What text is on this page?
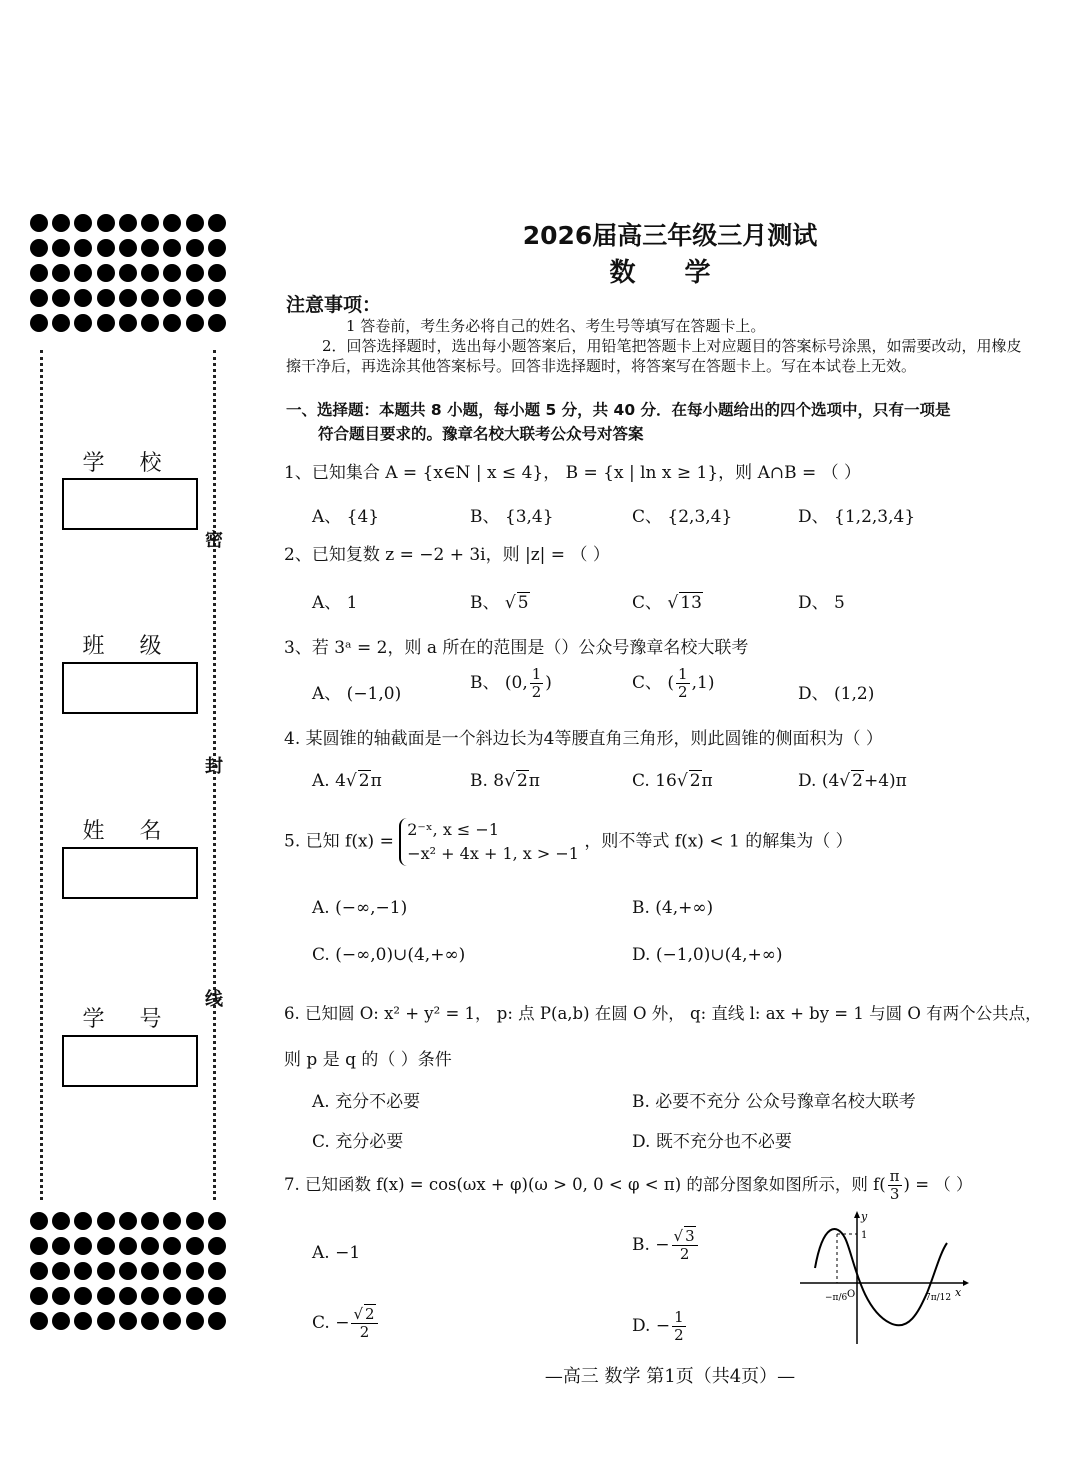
学 校
班 级
姓 名
学 号
密
封
线
2026届高三年级三月测试
数 学
注意事项：
1 答卷前，考生务必将自己的姓名、考生号等填写在答题卡上。
2．回答选择题时，选出每小题答案后，用铅笔把答题卡上对应题目的答案标号涂黑，如需要改动，用橡皮擦干净后，再选涂其他答案标号。回答非选择题时，将答案写在答题卡上。写在本试卷上无效。
一、选择题：本题共 8 小题，每小题 5 分，共 40 分．在每小题给出的四个选项中，只有一项是
符合题目要求的。豫章名校大联考公众号对答案
1、已知集合 A = {x∈N | x ≤ 4}， B = {x | ln x ≥ 1}，则 A∩B = （ ）
A、 {4}	B、 {3,4}	C、 {2,3,4}	D、 {1,2,3,4}
2、已知复数 z = −2 + 3i，则 |z| = （ ）
A、 1	B、 √ 5	C、 √ 13	D、 5
3、若 3ᵃ = 2，则 a 所在的范围是（）公众号豫章名校大联考
A、 (−1,0)
B、 (0, $\frac{1}{2}$ )	C、 ( $\frac{1}{2} ,1$)
D、 (1,2)
4. 某圆锥的轴截面是一个斜边长为4等腰直角三角形，则此圆锥的侧面积为（ ）
A. 4√ 2π	B. 8√ 2π	C. 16√ 2π	D. (4√ 2+4)π
5. 已知 f(x) =
2⁻ˣ, x ≤ −1
−x² + 4x + 1, x > −1
，则不等式 f(x) < 1 的解集为（ ）
A. (−∞,−1)	B. (4,+∞)
C. (−∞,0)∪(4,+∞)	D. (−1,0)∪(4,+∞)
6. 已知圆 O: x² + y² = 1， p: 点 P(a,b) 在圆 O 外， q: 直线 l: ax + by = 1 与圆 O 有两个公共点，
则 p 是 q 的（ ）条件
A. 充分不必要	B. 必要不充分 公众号豫章名校大联考
C. 充分必要	D. 既不充分也不必要
7. 已知函数 f(x) = cos(ωx + φ)(ω > 0, 0 < φ < π) 的部分图象如图所示，则 $f( \frac{\pi}{3}$ ) = （ ）
A. −1	B. − $\frac{√ 3}{2}$
C. − $\frac{√ 2}{2}$	D. − $\frac{1}{2}$
y
x
O
1
−π/6	7π/12
—高三 数学 第1页（共4页）—
